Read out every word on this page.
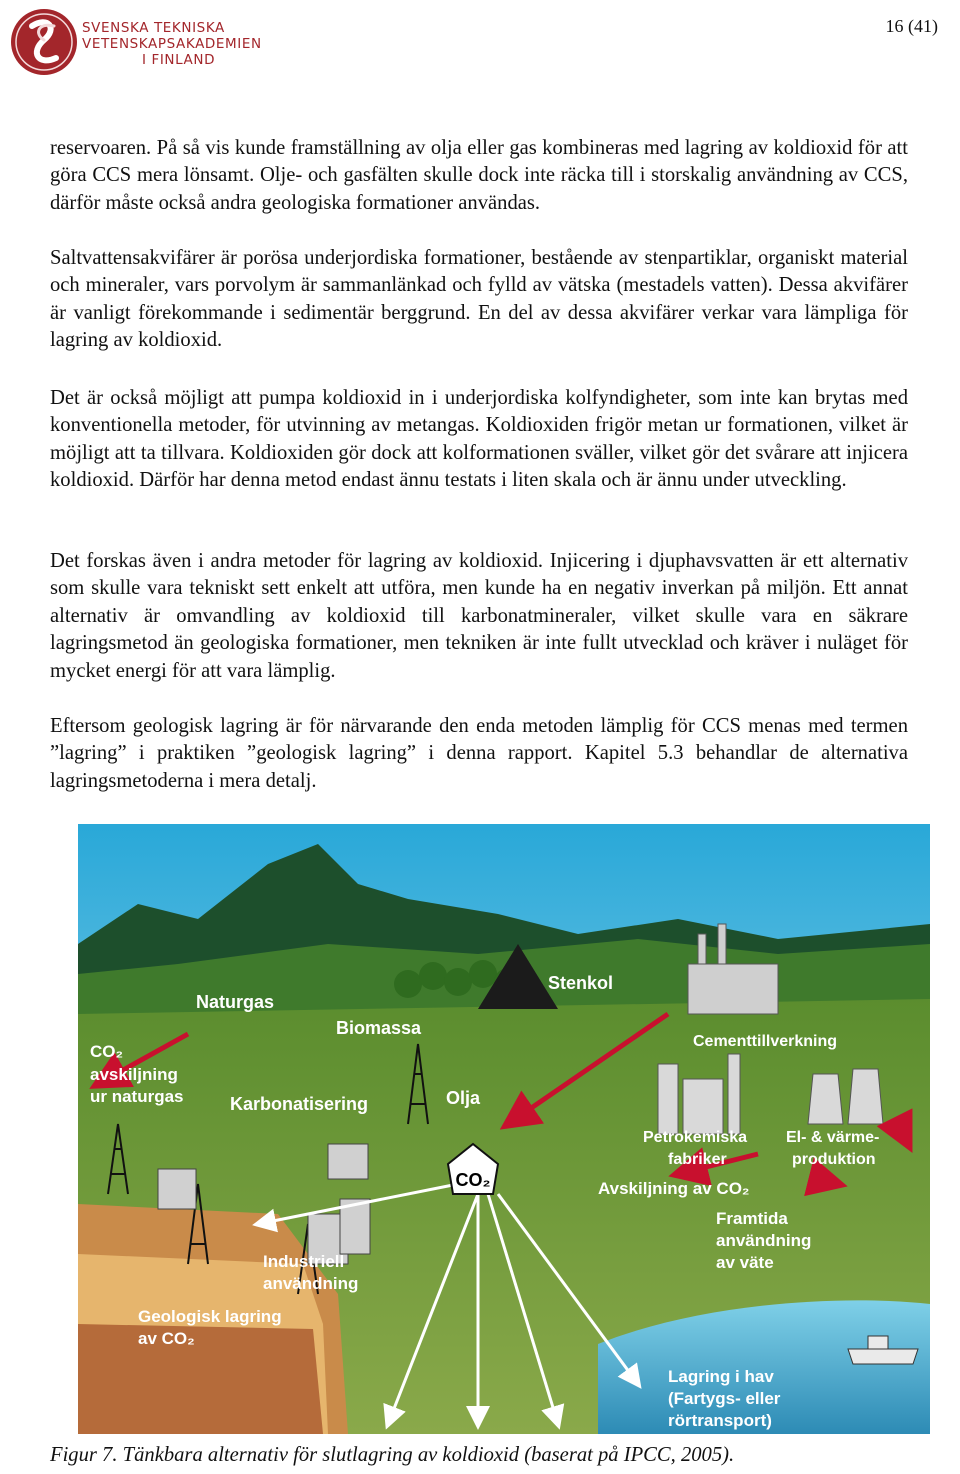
SVENSKA TEKNISKA
VETENSKAPSAKADEMIEN
I FINLAND
16 (41)
reservoaren. På så vis kunde framställning av olja eller gas kombineras med lagring av koldioxid för att göra CCS mera lönsamt. Olje- och gasfälten skulle dock inte räcka till i storskalig användning av CCS, därför måste också andra geologiska formationer användas.
Saltvattensakvifärer är porösa underjordiska formationer, bestående av stenpartiklar, organiskt material och mineraler, vars porvolym är sammanlänkad och fylld av vätska (mestadels vatten). Dessa akvifärer är vanligt förekommande i sedimentär berggrund. En del av dessa akvifärer verkar vara lämpliga för lagring av koldioxid.
Det är också möjligt att pumpa koldioxid in i underjordiska kolfyndigheter, som inte kan brytas med konventionella metoder, för utvinning av metangas. Koldioxiden frigör metan ur formationen, vilket är möjligt att ta tillvara. Koldioxiden gör dock att kolformationen sväller, vilket gör det svårare att injicera koldioxid. Därför har denna metod endast ännu testats i liten skala och är ännu under utveckling.
Det forskas även i andra metoder för lagring av koldioxid. Injicering i djuphavsvatten är ett alternativ som skulle vara tekniskt sett enkelt att utföra, men kunde ha en negativ inverkan på miljön. Ett annat alternativ är omvandling av koldioxid till karbonatmineraler, vilket skulle vara en säkrare lagringsmetod än geologiska formationer, men tekniken är inte fullt utvecklad och kräver i nuläget för mycket energi för att vara lämplig.
Eftersom geologisk lagring är för närvarande den enda metoden lämplig för CCS menas med termen ”lagring” i praktiken ”geologisk lagring” i denna rapport. Kapitel 5.3 behandlar de alternativa lagringsmetoderna i mera detalj.
CO₂
Naturgas
Biomassa
Stenkol
CO₂
avskiljning
ur naturgas	Karbonatisering	Olja
Cementtillverkning
Petrokemiska
fabriker
El- & värme-
produktion
Avskiljning av CO₂
Framtida
användning
av väte
Industriell
användning
Geologisk lagring
av CO₂
Lagring i hav
(Fartygs- eller
rörtransport)
Figur 7. Tänkbara alternativ för slutlagring av koldioxid (baserat på IPCC, 2005).
